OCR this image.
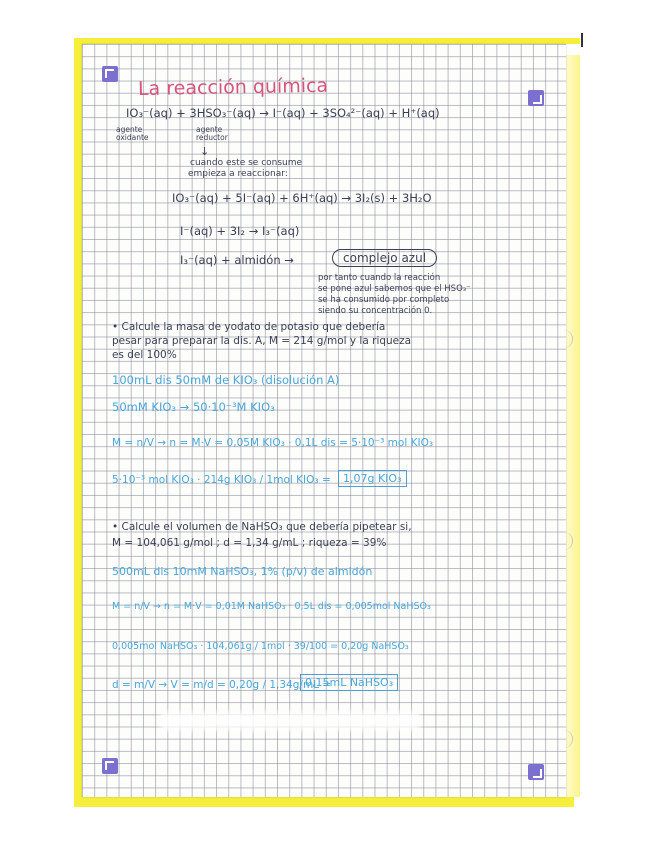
La reacción química
IO₃⁻(aq) + 3HSO₃⁻(aq) → I⁻(aq) + 3SO₄²⁻(aq) + H⁺(aq)
agente oxidante
agente reductor
↓
cuando este se consume
empieza a reaccionar:
IO₃⁻(aq) + 5I⁻(aq) + 6H⁺(aq) → 3I₂(s) + 3H₂O
I⁻(aq) + 3I₂ → I₃⁻(aq)
I₃⁻(aq) + almidón →	complejo azul
por tanto cuando la reacción
se pone azul sabemos que el HSO₃⁻
se ha consumido por completo
siendo su concentración 0.
• Calcule la masa de yodato de potasio que debería
pesar para preparar la dis. A, M = 214 g/mol y la riqueza
es del 100%
100mL dis 50mM de KIO₃ (disolución A)
50mM KIO₃ → 50·10⁻³M KIO₃
M = n/V → n = M·V = 0,05M KIO₃ · 0,1L dis = 5·10⁻³ mol KIO₃
5·10⁻³ mol KIO₃ · 214g KIO₃ / 1mol KIO₃ =	1,07g KIO₃
• Calcule el volumen de NaHSO₃ que debería pipetear si,
M = 104,061 g/mol ; d = 1,34 g/mL ; riqueza = 39%
500mL dis 10mM NaHSO₃, 1% (p/v) de almidón
M = n/V → n = M·V = 0,01M NaHSO₃ · 0,5L dis = 0,005mol NaHSO₃
0,005mol NaHSO₃ · 104,061g / 1mol · 39/100 = 0,20g NaHSO₃
d = m/V → V = m/d = 0,20g / 1,34g/mL =
0,15mL NaHSO₃
